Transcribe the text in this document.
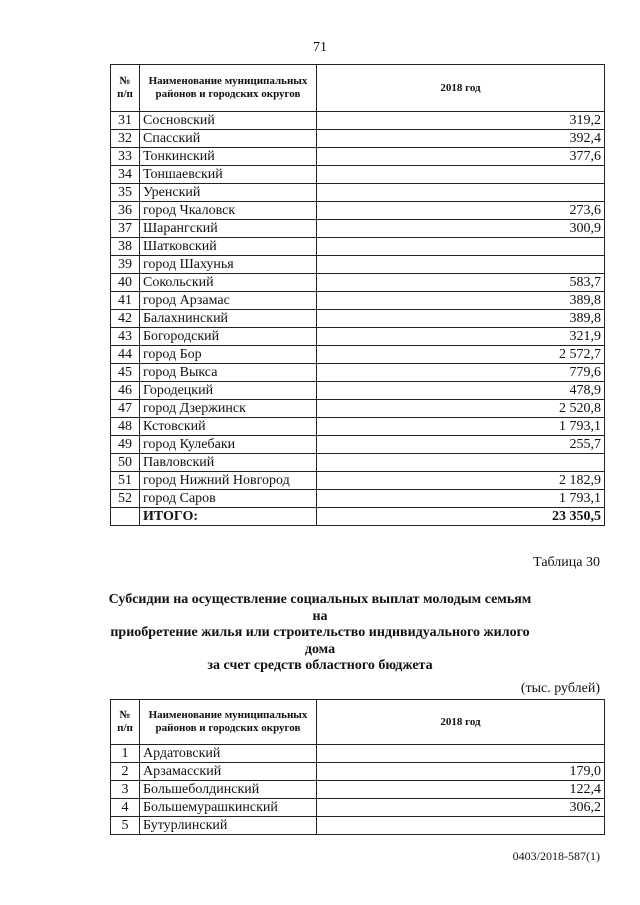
71
№ п/п	Наименование муниципальных районов и городских округов	2018 год
31	Сосновский	319,2
32	Спасский	392,4
33	Тонкинский	377,6
34	Тоншаевский	
35	Уренский	
36	город Чкаловск	273,6
37	Шарангский	300,9
38	Шатковский	
39	город Шахунья	
40	Сокольский	583,7
41	город Арзамас	389,8
42	Балахнинский	389,8
43	Богородский	321,9
44	город Бор	2 572,7
45	город Выкса	779,6
46	Городецкий	478,9
47	город Дзержинск	2 520,8
48	Кстовский	1 793,1
49	город Кулебаки	255,7
50	Павловский	
51	город Нижний Новгород	2 182,9
52	город Саров	1 793,1
	ИТОГО:	23 350,5
Таблица 30
Субсидии на осуществление социальных выплат молодым семьям на
приобретение жилья или строительство индивидуального жилого
дома
за счет средств областного бюджета
(тыс. рублей)
№ п/п	Наименование муниципальных районов и городских округов	2018 год
1	Ардатовский	
2	Арзамасский	179,0
3	Большеболдинский	122,4
4	Большемурашкинский	306,2
5	Бутурлинский	
0403/2018-587(1)
